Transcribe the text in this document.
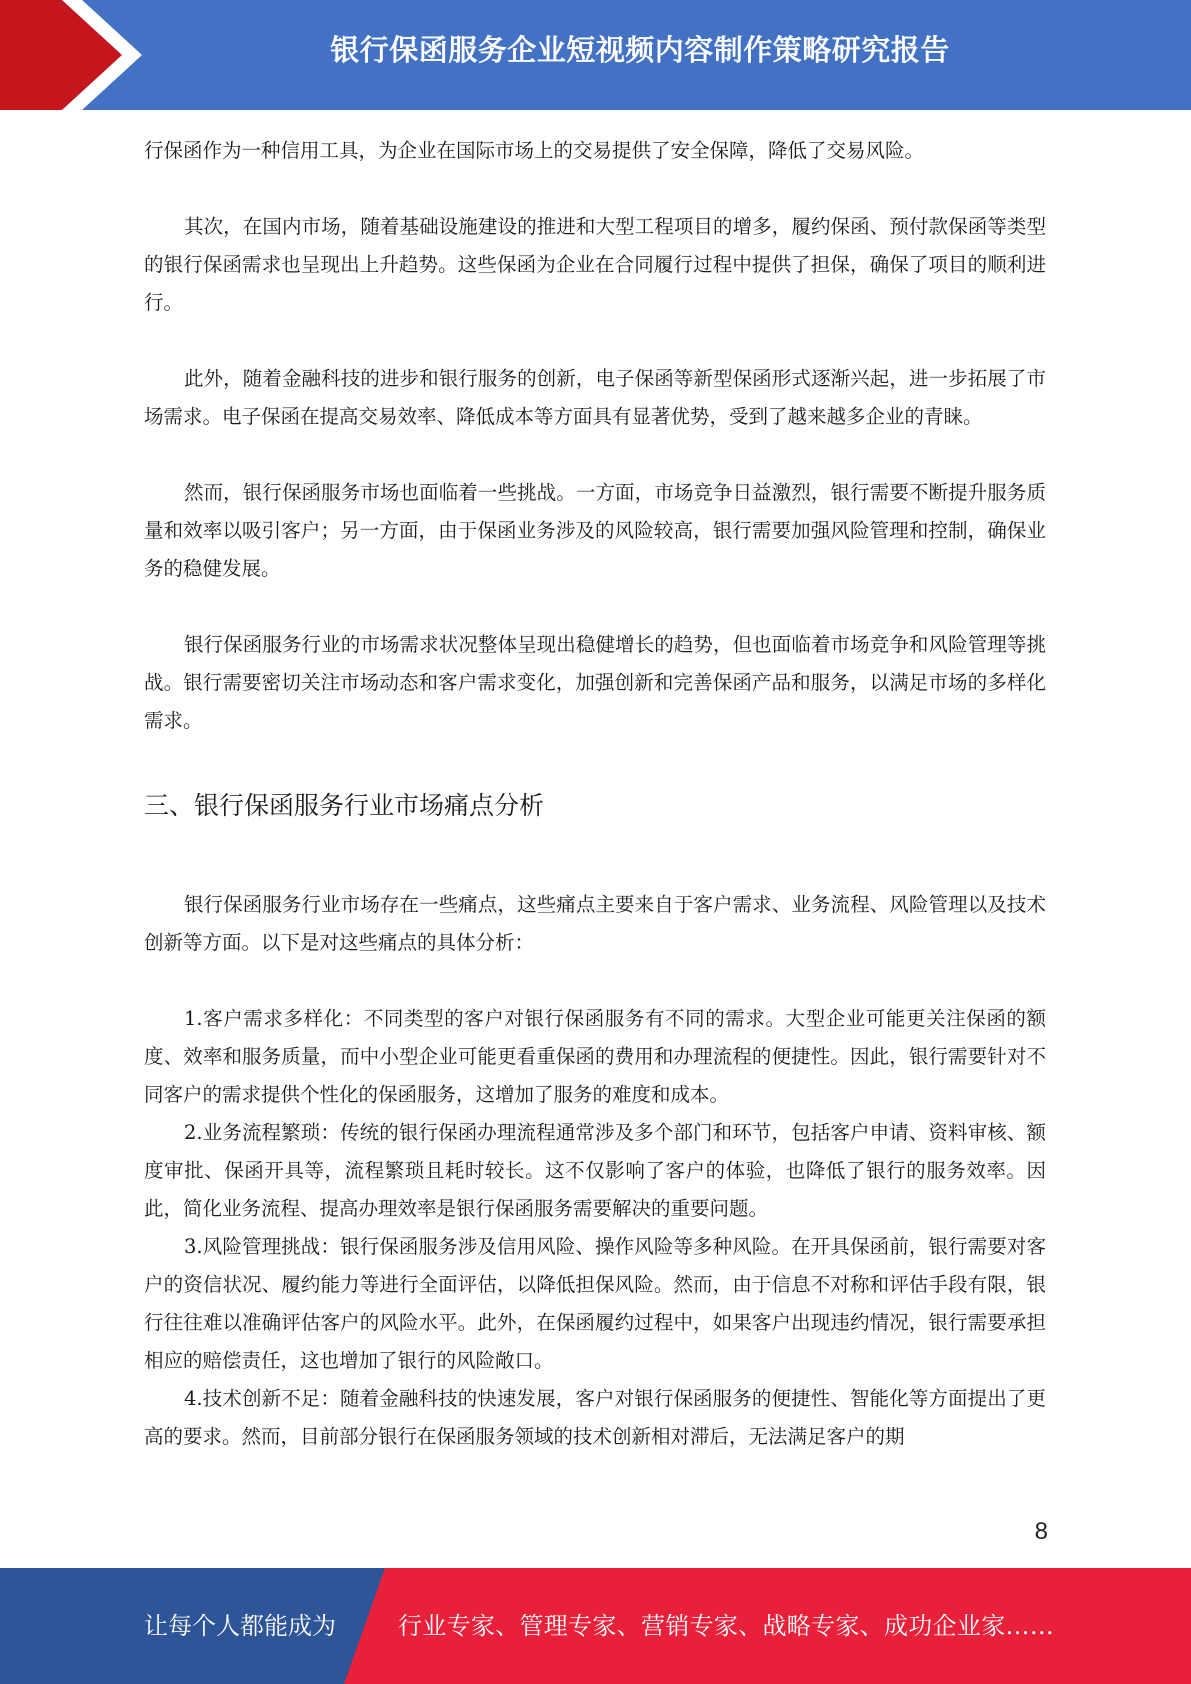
银行保函服务企业短视频内容制作策略研究报告

行保函作为一种信用工具，为企业在国际市场上的交易提供了安全保障，降低了交易风险。

其次，在国内市场，随着基础设施建设的推进和大型工程项目的增多，履约保函、预付款保函等类型的银行保函需求也呈现出上升趋势。这些保函为企业在合同履行过程中提供了担保，确保了项目的顺利进行。

此外，随着金融科技的进步和银行服务的创新，电子保函等新型保函形式逐渐兴起，进一步拓展了市场需求。电子保函在提高交易效率、降低成本等方面具有显著优势，受到了越来越多企业的青睐。

然而，银行保函服务市场也面临着一些挑战。一方面，市场竞争日益激烈，银行需要不断提升服务质量和效率以吸引客户；另一方面，由于保函业务涉及的风险较高，银行需要加强风险管理和控制，确保业务的稳健发展。

银行保函服务行业的市场需求状况整体呈现出稳健增长的趋势，但也面临着市场竞争和风险管理等挑战。银行需要密切关注市场动态和客户需求变化，加强创新和完善保函产品和服务，以满足市场的多样化需求。

三、银行保函服务行业市场痛点分析

银行保函服务行业市场存在一些痛点，这些痛点主要来自于客户需求、业务流程、风险管理以及技术创新等方面。以下是对这些痛点的具体分析：

1.客户需求多样化：不同类型的客户对银行保函服务有不同的需求。大型企业可能更关注保函的额度、效率和服务质量，而中小型企业可能更看重保函的费用和办理流程的便捷性。因此，银行需要针对不同客户的需求提供个性化的保函服务，这增加了服务的难度和成本。

2.业务流程繁琐：传统的银行保函办理流程通常涉及多个部门和环节，包括客户申请、资料审核、额度审批、保函开具等，流程繁琐且耗时较长。这不仅影响了客户的体验，也降低了银行的服务效率。因此，简化业务流程、提高办理效率是银行保函服务需要解决的重要问题。

3.风险管理挑战：银行保函服务涉及信用风险、操作风险等多种风险。在开具保函前，银行需要对客户的资信状况、履约能力等进行全面评估，以降低担保风险。然而，由于信息不对称和评估手段有限，银行往往难以准确评估客户的风险水平。此外，在保函履约过程中，如果客户出现违约情况，银行需要承担相应的赔偿责任，这也增加了银行的风险敞口。

4.技术创新不足：随着金融科技的快速发展，客户对银行保函服务的便捷性、智能化等方面提出了更高的要求。然而，目前部分银行在保函服务领域的技术创新相对滞后，无法满足客户的期

8
让每个人都能成为	行业专家、管理专家、营销专家、战略专家、成功企业家……
